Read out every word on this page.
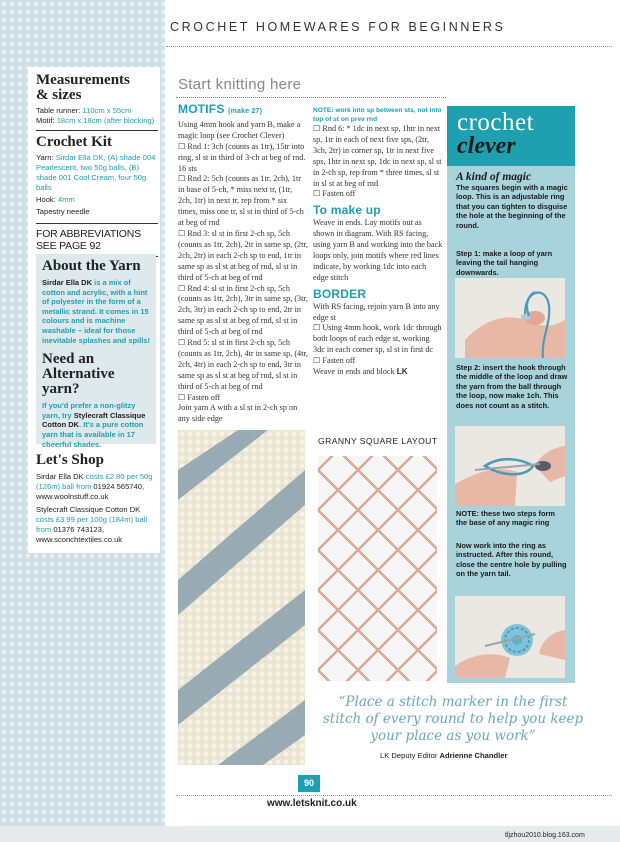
CROCHET HOMEWARES FOR BEGINNERS

Measurements
& sizes

Table runner: 110cm x 55cm

Motif: 18cm x 18cm (after blocking)

Crochet Kit

Yarn: Sirdar Ella DK, (A) shade 004 Pearlescent, two 50g balls, (B) shade 001 Cool Cream, four 50g balls

Hook: 4mm

Tapestry needle

FOR ABBREVIATIONS SEE PAGE 92

About the Yarn

Sirdar Ella DK is a mix of cotton and acrylic, with a hint of polyester in the form of a metallic strand. It comes in 15 colours and is machine washable – ideal for those inevitable splashes and spills!

Need an
Alternative yarn?

If you'd prefer a non-glitzy yarn, try Stylecraft Classique Cotton DK. It's a pure cotton yarn that is available in 17 cheerful shades.

Let's Shop

Sirdar Ella DK costs £2.80 per 50g (126m) ball from 01924 565740, www.woolnstuff.co.uk

Stylecraft Classique Cotton DK costs £3.99 per 100g (184m) ball from 01376 743123, www.sconchtextiles.co.uk

Start knitting here
MOTIFS (make 27)

Using 4mm hook and yarn B, make a magic loop (see Crochet Clever)

☐ Rnd 1: 3ch (counts as 1tr), 15tr into ring, sl st in third of 3-ch at beg of rnd. 16 sts

☐ Rnd 2: 5ch (counts as 1tr, 2ch), 1tr in base of 5-ch, * miss next tr, (1tr, 2ch, 1tr) in next tr, rep from * six times, miss one tr, sl st in third of 5-ch at beg of rnd

☐ Rnd 3: sl st in first 2-ch sp, 5ch (counts as 1tr, 2ch), 2tr in same sp, (2tr, 2ch, 2tr) in each 2-ch sp to end, 1tr in same sp as sl st at beg of rnd, sl st in third of 5-ch at beg of rnd

☐ Rnd 4: sl st in first 2-ch sp, 5ch (counts as 1tr, 2ch), 3tr in same sp, (3tr, 2ch, 3tr) in each 2-ch sp to end, 2tr in same sp as sl st at beg of rnd, sl st in third of 5-ch at beg of rnd

☐ Rnd 5: sl st in first 2-ch sp, 5ch (counts as 1tr, 2ch), 4tr in same sp, (4tr, 2ch, 4tr) in each 2-ch sp to end, 3tr in same sp as sl st at beg of rnd, sl st in third of 5-ch at beg of rnd

☐ Fasten off

Join yarn A with a sl st in 2-ch sp on any side edge

NOTE: work into sp between sts, not into top of st on prev rnd

☐ Rnd 6: * 1dc in next sp, 1htr in next sp, 1tr in each of next five sps, (2tr, 3ch, 2tr) in corner sp, 1tr in next five sps, 1htr in next sp, 1dc in next sp, sl st in 2-ch sp, rep from * three times, sl st in sl st at beg of rnd

☐ Fasten off

To make up

Weave in ends. Lay motifs out as shown in diagram. With RS facing, using yarn B and working into the back loops only, join motifs where red lines indicate, by working 1dc into each edge stitch

BORDER

With RS facing, rejoin yarn B into any edge st

☐ Using 4mm hook, work 1dc through both loops of each edge st, working 3dc in each corner sp, sl st in first dc

☐ Fasten off

Weave in ends and block LK

crochet
clever
A kind of magic

The squares begin with a magic loop. This is an adjustable ring that you can tighten to disguise the hole at the beginning of the round.

Step 1: make a loop of yarn leaving the tail hanging downwards.

Step 2: insert the hook through the middle of the loop and draw the yarn from the ball through the loop, now make 1ch. This does not count as a stitch.

NOTE: these two steps form the base of any magic ring

Now work into the ring as instructed. After this round, close the centre hole by pulling on the yarn tail.

GRANNY SQUARE LAYOUT
“Place a stitch marker in the first stitch of every round to help you keep your place as you work”
LK Deputy Editor Adrienne Chandler
90
www.letsknit.co.uk
tljzhou2010.blog.163.com
